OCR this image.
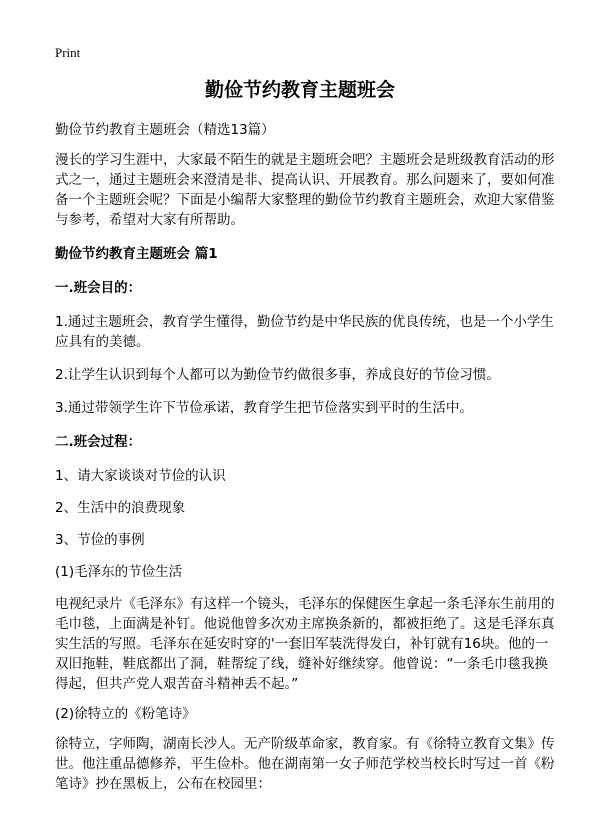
Print
勤俭节约教育主题班会

勤俭节约教育主题班会（精选13篇）

漫长的学习生涯中，大家最不陌生的就是主题班会吧？主题班会是班级教育活动的形式之一，通过主题班会来澄清是非、提高认识、开展教育。那么问题来了，要如何准备一个主题班会呢？下面是小编帮大家整理的勤俭节约教育主题班会，欢迎大家借鉴与参考，希望对大家有所帮助。

勤俭节约教育主题班会 篇1

一.班会目的：

1.通过主题班会，教育学生懂得，勤俭节约是中华民族的优良传统，也是一个小学生应具有的美德。

2.让学生认识到每个人都可以为勤俭节约做很多事，养成良好的节俭习惯。

3.通过带领学生许下节俭承诺，教育学生把节俭落实到平时的生活中。

二.班会过程：

1、请大家谈谈对节俭的认识

2、生活中的浪费现象

3、节俭的事例

(1)毛泽东的节俭生活

电视纪录片《毛泽东》有这样一个镜头，毛泽东的保健医生拿起一条毛泽东生前用的毛巾毯，上面满是补钉。他说他曾多次劝主席换条新的，都被拒绝了。这是毛泽东真实生活的写照。毛泽东在延安时穿的'一套旧军装洗得发白，补钉就有16块。他的一双旧拖鞋，鞋底都出了洞，鞋帮绽了线，缝补好继续穿。他曾说：“一条毛巾毯我换得起，但共产党人艰苦奋斗精神丢不起。”

(2)徐特立的《粉笔诗》

徐特立，字师陶，湖南长沙人。无产阶级革命家，教育家。有《徐特立教育文集》传世。他注重品德修养，平生俭朴。他在湖南第一女子师范学校当校长时写过一首《粉笔诗》抄在黑板上，公布在校园里：
